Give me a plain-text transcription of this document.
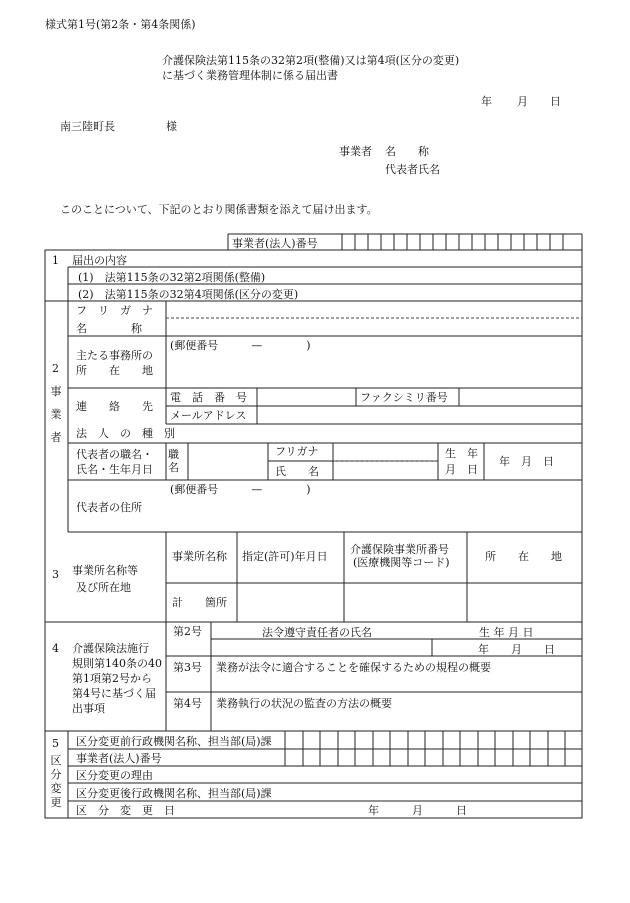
様式第1号(第2条・第4条関係)
介護保険法第115条の32第2項(整備)又は第4項(区分の変更)
に基づく業務管理体制に係る届出書
年 月 日
南三陸町長	様
事業者 名　　称
代表者氏名
このことについて、下記のとおり関係書類を添えて届け出ます。
事業者(法人)番号
1 届出の内容
(1)　法第115条の32第2項関係(整備)
(2)　法第115条の32第4項関係(区分の変更)
2
事
業
者
フ　リ　ガ　ナ
名　　　　称
主たる事務所の
所　　在　　地
(郵便番号　　　—　　　　)
連　　絡　　先
電　話　番　号	ファクシミリ番号
メールアドレス
法　人　の　種　別
代表者の職名・
氏名・生年月日
職名
フリガナ
氏　　名
生　年
月　日
年　月　日
代表者の住所
(郵便番号　　　—　　　　)
3 事業所名称等
及び所在地
事業所名称 指定(許可)年月日
介護保険事業所番号
(医療機関等コード)	所　　在　　地
計　　箇所
4 介護保険法施行
規則第140条の40
第1項第2号から
第4号に基づく届
出事項
第2号	法令遵守責任者の氏名	生 年 月 日
年　　月　　日
第3号 業務が法令に適合することを確保するための規程の概要
第4号 業務執行の状況の監査の方法の概要
5
区
分
変
更
区分変更前行政機関名称、担当部(局)課
事業者(法人)番号
区分変更の理由
区分変更後行政機関名称、担当部(局)課
区　分　変　更　日	年　　　月　　　日
